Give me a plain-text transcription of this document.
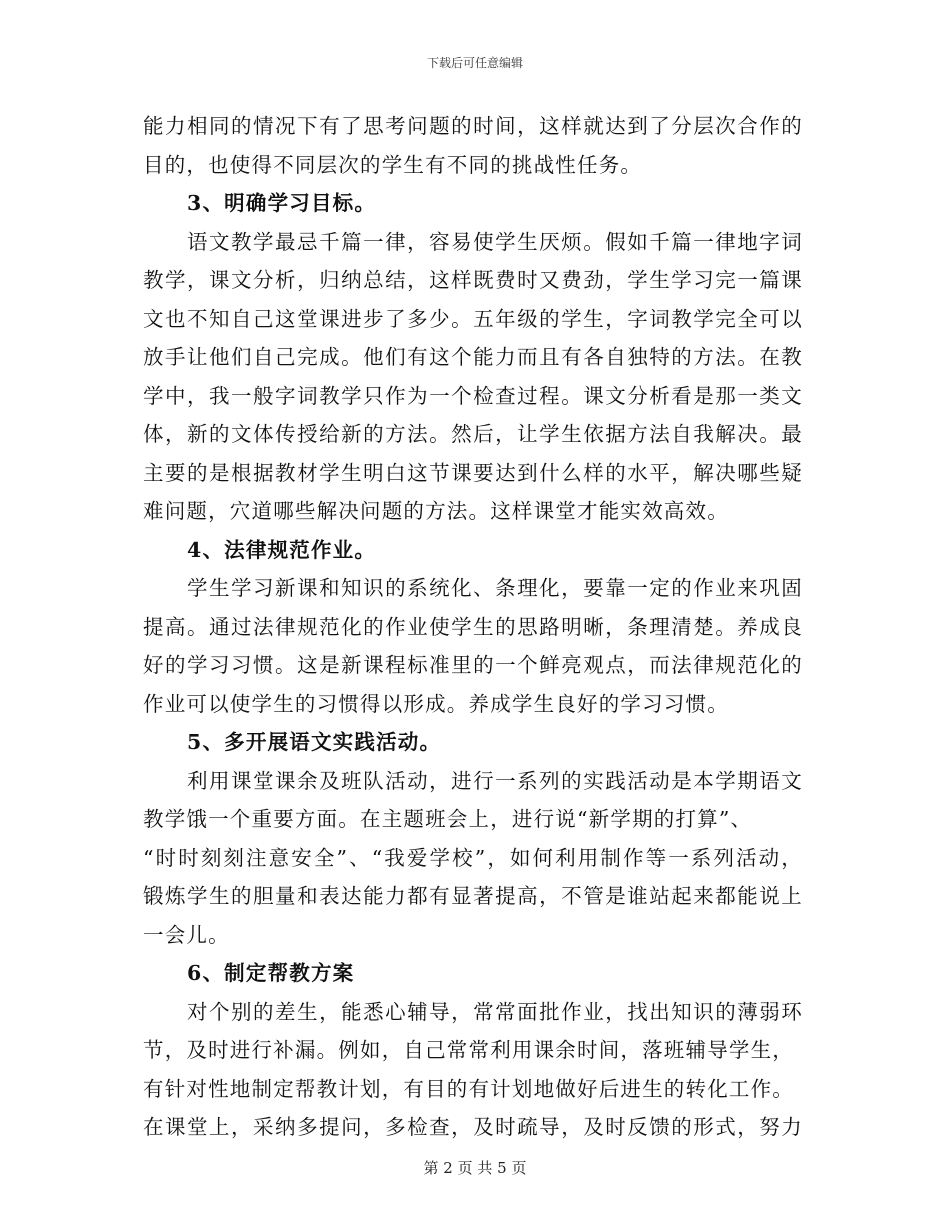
下载后可任意编辑
能力相同的情况下有了思考问题的时间，这样就达到了分层次合作的
目的，也使得不同层次的学生有不同的挑战性任务。
3、明确学习目标。
语文教学最忌千篇一律，容易使学生厌烦。假如千篇一律地字词
教学，课文分析，归纳总结，这样既费时又费劲，学生学习完一篇课
文也不知自己这堂课进步了多少。五年级的学生，字词教学完全可以
放手让他们自己完成。他们有这个能力而且有各自独特的方法。在教
学中，我一般字词教学只作为一个检查过程。课文分析看是那一类文
体，新的文体传授给新的方法。然后，让学生依据方法自我解决。最
主要的是根据教材学生明白这节课要达到什么样的水平，解决哪些疑
难问题，穴道哪些解决问题的方法。这样课堂才能实效高效。
4、法律规范作业。
学生学习新课和知识的系统化、条理化，要靠一定的作业来巩固
提高。通过法律规范化的作业使学生的思路明晰，条理清楚。养成良
好的学习习惯。这是新课程标准里的一个鲜亮观点，而法律规范化的
作业可以使学生的习惯得以形成。养成学生良好的学习习惯。
5、多开展语文实践活动。
利用课堂课余及班队活动，进行一系列的实践活动是本学期语文
教学饿一个重要方面。在主题班会上，进行说“新学期的打算”、
“时时刻刻注意安全”、“我爱学校”，如何利用制作等一系列活动，
锻炼学生的胆量和表达能力都有显著提高，不管是谁站起来都能说上
一会儿。
6、制定帮教方案
对个别的差生，能悉心辅导，常常面批作业，找出知识的薄弱环
节，及时进行补漏。例如，自己常常利用课余时间，落班辅导学生，
有针对性地制定帮教计划，有目的有计划地做好后进生的转化工作。
在课堂上，采纳多提问，多检查，及时疏导，及时反馈的形式，努力
第 2 页 共 5 页
